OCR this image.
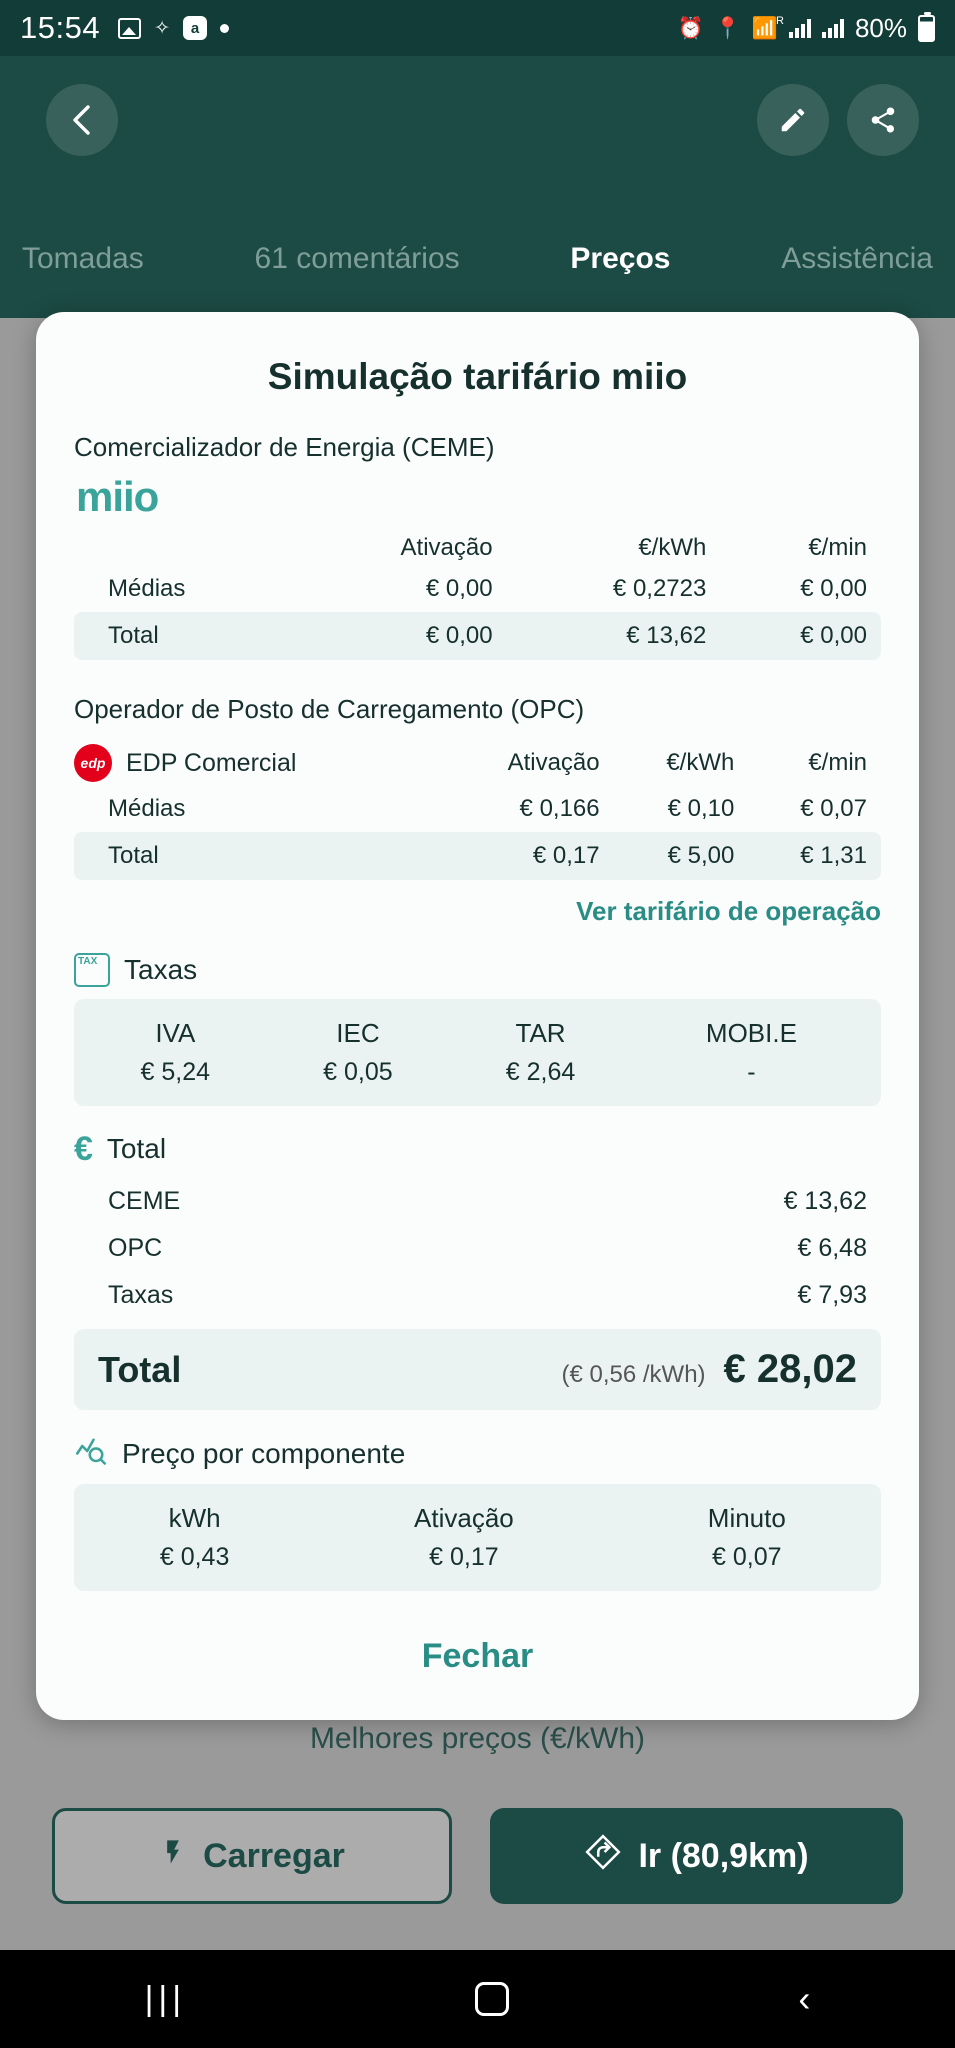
15:54	✧	a	⏰ 📍 📶
R	80%
Tomadas	61 comentários	Preços	Assistência
Melhores preços (€/kWh)
Carregar	Ir (80,9km)
Simulação tarifário miio
Comercializador de Energia (CEME)
miio
	Ativação	€/kWh	€/min
Médias	€ 0,00	€ 0,2723	€ 0,00
Total	€ 0,00	€ 13,62	€ 0,00
Operador de Posto de Carregamento (OPC)
edp EDP Comercial	Ativação	€/kWh	€/min
Médias	€ 0,166	€ 0,10	€ 0,07
Total	€ 0,17	€ 5,00	€ 1,31
Ver tarifário de operação
TAX Taxas
IVA	IEC	TAR	MOBI.E
€ 5,24	€ 0,05	€ 2,64	-
€ Total
CEME	€ 13,62
OPC	€ 6,48
Taxas	€ 7,93
Total	(€ 0,56 /kWh) € 28,02
Preço por componente
kWh	Ativação	Minuto
€ 0,43	€ 0,17	€ 0,07
Fechar
|||	‹
